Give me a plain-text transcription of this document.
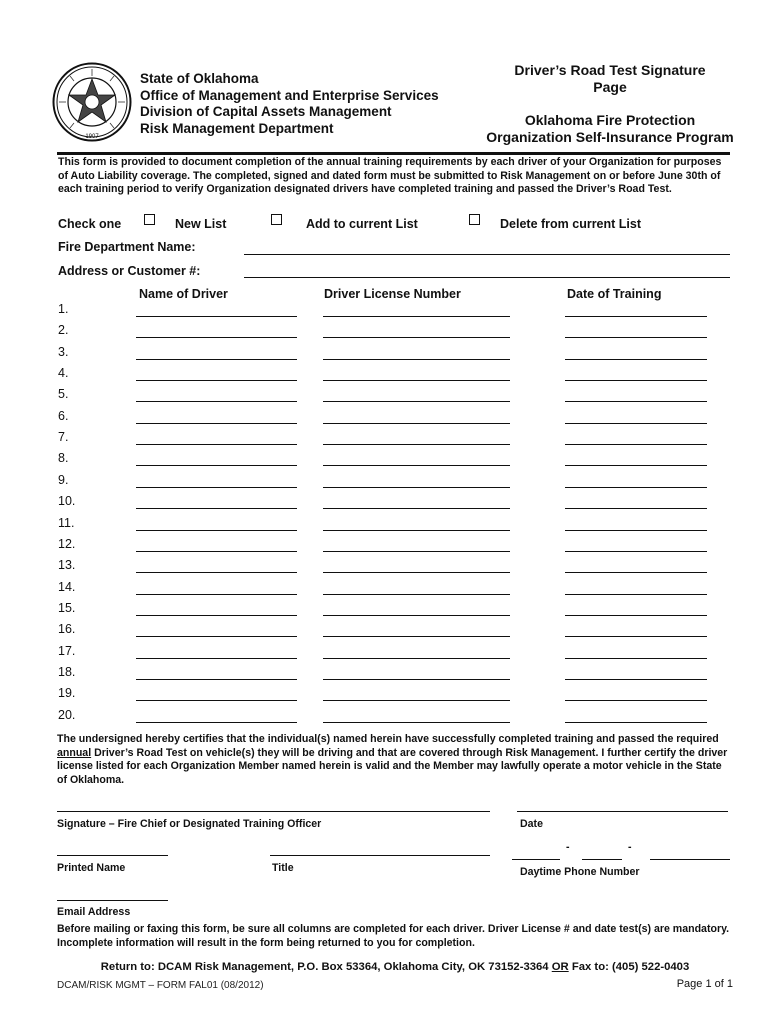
1907
State of Oklahoma
Office of Management and Enterprise Services
Division of Capital Assets Management
Risk Management Department
Driver’s Road Test Signature
Page
Oklahoma Fire Protection
Organization Self-Insurance Program
This form is provided to document completion of the annual training requirements by each driver of your Organization for purposes of Auto Liability coverage. The completed, signed and dated form must be submitted to Risk Management on or before June 30th of each training period to verify Organization designated drivers have completed training and passed the Driver’s Road Test.
Check one	New List	Add to current List	Delete from current List
Fire Department Name:
Address or Customer #:
Name of Driver	Driver License Number	Date of Training
1.
2.
3.
4.
5.
6.
7.
8.
9.
10.
11.
12.
13.
14.
15.
16.
17.
18.
19.
20.
The undersigned hereby certifies that the individual(s) named herein have successfully completed training and passed the required annual Driver’s Road Test on vehicle(s) they will be driving and that are covered through Risk Management. I further certify the driver license listed for each Organization Member named herein is valid and the Member may lawfully operate a motor vehicle in the State of Oklahoma.
Signature – Fire Chief or Designated Training Officer	Date
-	-
Printed Name	Title	Daytime Phone Number
Email Address
Before mailing or faxing this form, be sure all columns are completed for each driver. Driver License # and date test(s) are mandatory. Incomplete information will result in the form being returned to you for completion.
Return to: DCAM Risk Management, P.O. Box 53364, Oklahoma City, OK 73152-3364 OR Fax to: (405) 522-0403
DCAM/RISK MGMT – FORM FAL01 (08/2012)	Page 1 of 1
